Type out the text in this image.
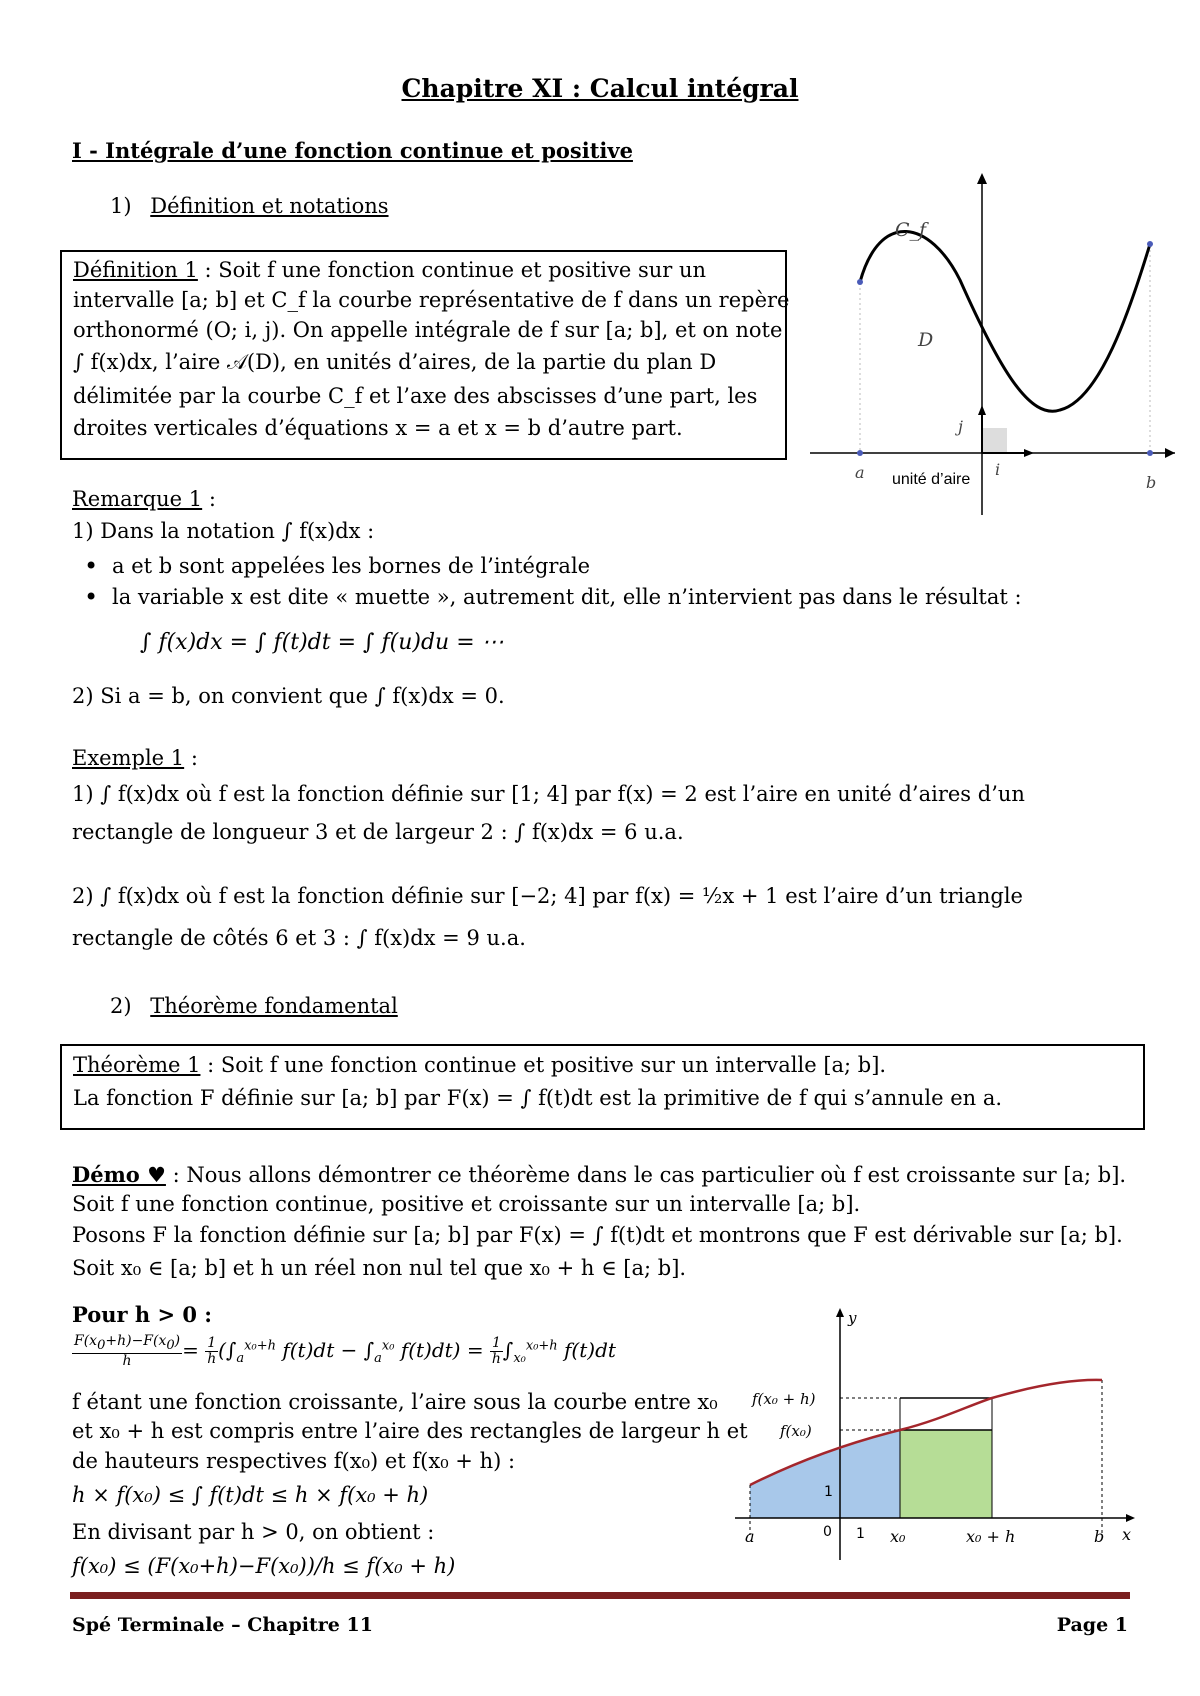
Chapitre XI : Calcul intégral
I - Intégrale d’une fonction continue et positive
1) Définition et notations
Définition 1 : Soit f une fonction continue et positive sur un
intervalle [a; b] et C_f la courbe représentative de f dans un repère
orthonormé (O; i, j). On appelle intégrale de f sur [a; b], et on note
∫ f(x)dx, l’aire 𝒜(D), en unités d’aires, de la partie du plan D
délimitée par la courbe C_f et l’axe des abscisses d’une part, les
droites verticales d’équations x = a et x = b d’autre part.
C_f
D
j
i
a
b
unité d’aire
Remarque 1 :
1) Dans la notation ∫ f(x)dx :
• a et b sont appelées les bornes de l’intégrale
• la variable x est dite « muette », autrement dit, elle n’intervient pas dans le résultat :
∫ f(x)dx = ∫ f(t)dt = ∫ f(u)du = ⋯
2) Si a = b, on convient que ∫ f(x)dx = 0.
Exemple 1 :
1) ∫ f(x)dx où f est la fonction définie sur [1; 4] par f(x) = 2 est l’aire en unité d’aires d’un
rectangle de longueur 3 et de largeur 2 : ∫ f(x)dx = 6 u.a.
2) ∫ f(x)dx où f est la fonction définie sur [−2; 4] par f(x) = ½x + 1 est l’aire d’un triangle
rectangle de côtés 6 et 3 : ∫ f(x)dx = 9 u.a.
2) Théorème fondamental
Théorème 1 : Soit f une fonction continue et positive sur un intervalle [a; b].
La fonction F définie sur [a; b] par F(x) = ∫ f(t)dt est la primitive de f qui s’annule en a.
Démo ♥ : Nous allons démontrer ce théorème dans le cas particulier où f est croissante sur [a; b].
Soit f une fonction continue, positive et croissante sur un intervalle [a; b].
Posons F la fonction définie sur [a; b] par F(x) = ∫ f(t)dt et montrons que F est dérivable sur [a; b].
Soit x₀ ∈ [a; b] et h un réel non nul tel que x₀ + h ∈ [a; b].
Pour h > 0 :
$\frac{F(x_0+h)-F(x_0)}{h} = \frac{1}{h} (\int_a^{x_0+h}$ $f(t)dt - \int_a^{x_0}$ $f(t)dt) = \frac{1}{h} \int_{x_0}^{x_0+h}$ f(t)dt
f étant une fonction croissante, l’aire sous la courbe entre x₀
et x₀ + h est compris entre l’aire des rectangles de largeur h et
de hauteurs respectives f(x₀) et f(x₀ + h) :
h × f(x₀) ≤ ∫ f(t)dt ≤ h × f(x₀ + h)
En divisant par h > 0, on obtient :
f(x₀) ≤ (F(x₀+h)−F(x₀))/h ≤ f(x₀ + h)
y
x
f(x₀ + h)
f(x₀)
1
a	0 1 x₀	x₀ + h	b
Spé Terminale – Chapitre 11	Page 1
